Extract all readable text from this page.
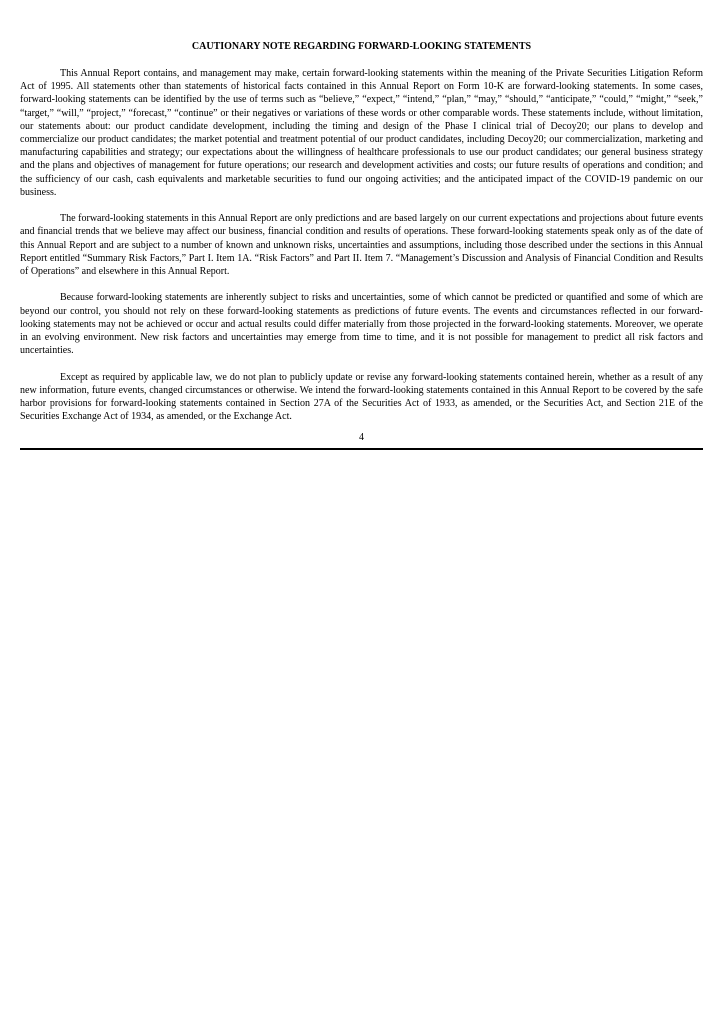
CAUTIONARY NOTE REGARDING FORWARD-LOOKING STATEMENTS

This Annual Report contains, and management may make, certain forward-looking statements within the meaning of the Private Securities Litigation Reform Act of 1995. All statements other than statements of historical facts contained in this Annual Report on Form 10-K are forward-looking statements. In some cases, forward-looking statements can be identified by the use of terms such as “believe,” “expect,” “intend,” “plan,” “may,” “should,” “anticipate,” “could,” “might,” “seek,” “target,” “will,” “project,” “forecast,” “continue” or their negatives or variations of these words or other comparable words. These statements include, without limitation, our statements about: our product candidate development, including the timing and design of the Phase I clinical trial of Decoy20; our plans to develop and commercialize our product candidates; the market potential and treatment potential of our product candidates, including Decoy20; our commercialization, marketing and manufacturing capabilities and strategy; our expectations about the willingness of healthcare professionals to use our product candidates; our general business strategy and the plans and objectives of management for future operations; our research and development activities and costs; our future results of operations and condition; and the sufficiency of our cash, cash equivalents and marketable securities to fund our ongoing activities; and the anticipated impact of the COVID-19 pandemic on our business.

The forward-looking statements in this Annual Report are only predictions and are based largely on our current expectations and projections about future events and financial trends that we believe may affect our business, financial condition and results of operations. These forward-looking statements speak only as of the date of this Annual Report and are subject to a number of known and unknown risks, uncertainties and assumptions, including those described under the sections in this Annual Report entitled “Summary Risk Factors,” Part I. Item 1A. “Risk Factors” and Part II. Item 7. “Management’s Discussion and Analysis of Financial Condition and Results of Operations” and elsewhere in this Annual Report.

Because forward-looking statements are inherently subject to risks and uncertainties, some of which cannot be predicted or quantified and some of which are beyond our control, you should not rely on these forward-looking statements as predictions of future events. The events and circumstances reflected in our forward-looking statements may not be achieved or occur and actual results could differ materially from those projected in the forward-looking statements. Moreover, we operate in an evolving environment. New risk factors and uncertainties may emerge from time to time, and it is not possible for management to predict all risk factors and uncertainties.

Except as required by applicable law, we do not plan to publicly update or revise any forward-looking statements contained herein, whether as a result of any new information, future events, changed circumstances or otherwise. We intend the forward-looking statements contained in this Annual Report to be covered by the safe harbor provisions for forward-looking statements contained in Section 27A of the Securities Act of 1933, as amended, or the Securities Act, and Section 21E of the Securities Exchange Act of 1934, as amended, or the Exchange Act.

4
